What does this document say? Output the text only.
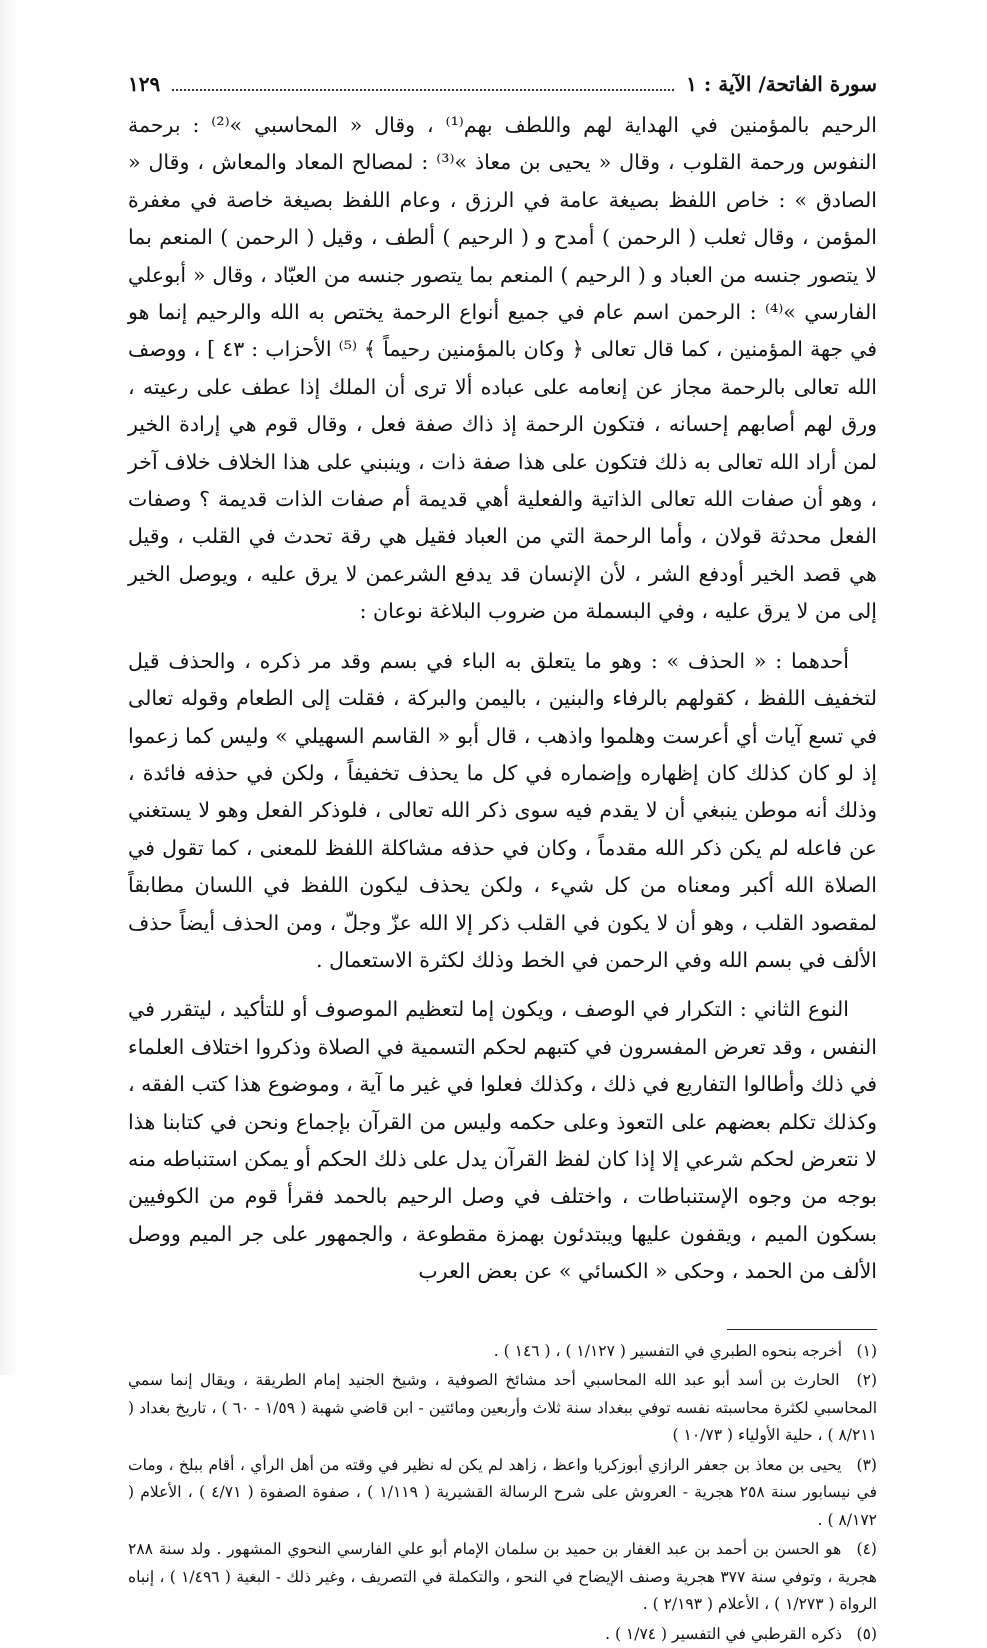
سورة الفاتحة/ الآية : ١
١٢٩

الرحيم بالمؤمنين في الهداية لهم واللطف بهم⁽¹⁾ ، وقال « المحاسبي »⁽²⁾ : برحمة النفوس ورحمة القلوب ، وقال « يحيى بن معاذ »⁽³⁾ : لمصالح المعاد والمعاش ، وقال « الصادق » : خاص اللفظ بصيغة عامة في الرزق ، وعام اللفظ بصيغة خاصة في مغفرة المؤمن ، وقال ثعلب ( الرحمن ) أمدح و ( الرحيم ) ألطف ، وقيل ( الرحمن ) المنعم بما لا يتصور جنسه من العباد و ( الرحيم ) المنعم بما يتصور جنسه من العبّاد ، وقال « أبوعلي الفارسي »⁽⁴⁾ : الرحمن اسم عام في جميع أنواع الرحمة يختص به الله والرحيم إنما هو في جهة المؤمنين ، كما قال تعالى ﴿ وكان بالمؤمنين رحيماً ﴾ ⁽⁵⁾ الأحزاب : ٤٣ ] ، ووصف الله تعالى بالرحمة مجاز عن إنعامه على عباده ألا ترى أن الملك إذا عطف على رعيته ، ورق لهم أصابهم إحسانه ، فتكون الرحمة إذ ذاك صفة فعل ، وقال قوم هي إرادة الخير لمن أراد الله تعالى به ذلك فتكون على هذا صفة ذات ، وينبني على هذا الخلاف خلاف آخر ، وهو أن صفات الله تعالى الذاتية والفعلية أهي قديمة أم صفات الذات قديمة ؟ وصفات الفعل محدثة قولان ، وأما الرحمة التي من العباد فقيل هي رقة تحدث في القلب ، وقيل هي قصد الخير أودفع الشر ، لأن الإنسان قد يدفع الشرعمن لا يرق عليه ، ويوصل الخير إلى من لا يرق عليه ، وفي البسملة من ضروب البلاغة نوعان :

أحدهما : « الحذف » : وهو ما يتعلق به الباء في بسم وقد مر ذكره ، والحذف قيل لتخفيف اللفظ ، كقولهم بالرفاء والبنين ، باليمن والبركة ، فقلت إلى الطعام وقوله تعالى في تسع آيات أي أعرست وهلموا واذهب ، قال أبو « القاسم السهيلي » وليس كما زعموا إذ لو كان كذلك كان إظهاره وإضماره في كل ما يحذف تخفيفاً ، ولكن في حذفه فائدة ، وذلك أنه موطن ينبغي أن لا يقدم فيه سوى ذكر الله تعالى ، فلوذكر الفعل وهو لا يستغني عن فاعله لم يكن ذكر الله مقدماً ، وكان في حذفه مشاكلة اللفظ للمعنى ، كما تقول في الصلاة الله أكبر ومعناه من كل شيء ، ولكن يحذف ليكون اللفظ في اللسان مطابقاً لمقصود القلب ، وهو أن لا يكون في القلب ذكر إلا الله عزّ وجلّ ، ومن الحذف أيضاً حذف الألف في بسم الله وفي الرحمن في الخط وذلك لكثرة الاستعمال .

النوع الثاني : التكرار في الوصف ، ويكون إما لتعظيم الموصوف أو للتأكيد ، ليتقرر في النفس ، وقد تعرض المفسرون في كتبهم لحكم التسمية في الصلاة وذكروا اختلاف العلماء في ذلك وأطالوا التفاريع في ذلك ، وكذلك فعلوا في غير ما آية ، وموضوع هذا كتب الفقه ، وكذلك تكلم بعضهم على التعوذ وعلى حكمه وليس من القرآن بإجماع ونحن في كتابنا هذا لا نتعرض لحكم شرعي إلا إذا كان لفظ القرآن يدل على ذلك الحكم أو يمكن استنباطه منه بوجه من وجوه الإستنباطات ، واختلف في وصل الرحيم بالحمد فقرأ قوم من الكوفيين بسكون الميم ، ويقفون عليها ويبتدئون بهمزة مقطوعة ، والجمهور على جر الميم ووصل الألف من الحمد ، وحكى « الكسائي » عن بعض العرب

(١) أخرجه بنحوه الطبري في التفسير ( ١/١٢٧ ) ، ( ١٤٦ ) .
(٢) الحارث بن أسد أبو عبد الله المحاسبي أحد مشائخ الصوفية ، وشيخ الجنيد إمام الطريقة ، ويقال إنما سمي المحاسبي لكثرة محاسبته نفسه توفي ببغداد سنة ثلاث وأربعين ومائتين - ابن قاضي شهبة ( ١/٥٩ - ٦٠ ) ، تاريخ بغداد ( ٨/٢١١ ) ، حلية الأولياء ( ١٠/٧٣ )
(٣) يحيى بن معاذ بن جعفر الرازي أبوزكريا واعظ ، زاهد لم يكن له نظير في وقته من أهل الرأي ، أقام ببلخ ، ومات في نيسابور سنة ٢٥٨ هجرية - العروش على شرح الرسالة القشيرية ( ١/١١٩ ) ، صفوة الصفوة ( ٤/٧١ ) ، الأعلام ( ٨/١٧٢ ) .
(٤) هو الحسن بن أحمد بن عبد الغفار بن حميد بن سلمان الإمام أبو علي الفارسي النحوي المشهور . ولد سنة ٢٨٨ هجرية ، وتوفي سنة ٣٧٧ هجرية وصنف الإيضاح في النحو ، والتكملة في التصريف ، وغير ذلك - البغية ( ١/٤٩٦ ) ، إنباه الرواة ( ١/٢٧٣ ) ، الأعلام ( ٢/١٩٣ ) .
(٥) ذكره القرطبي في التفسير ( ١/٧٤ ) .
